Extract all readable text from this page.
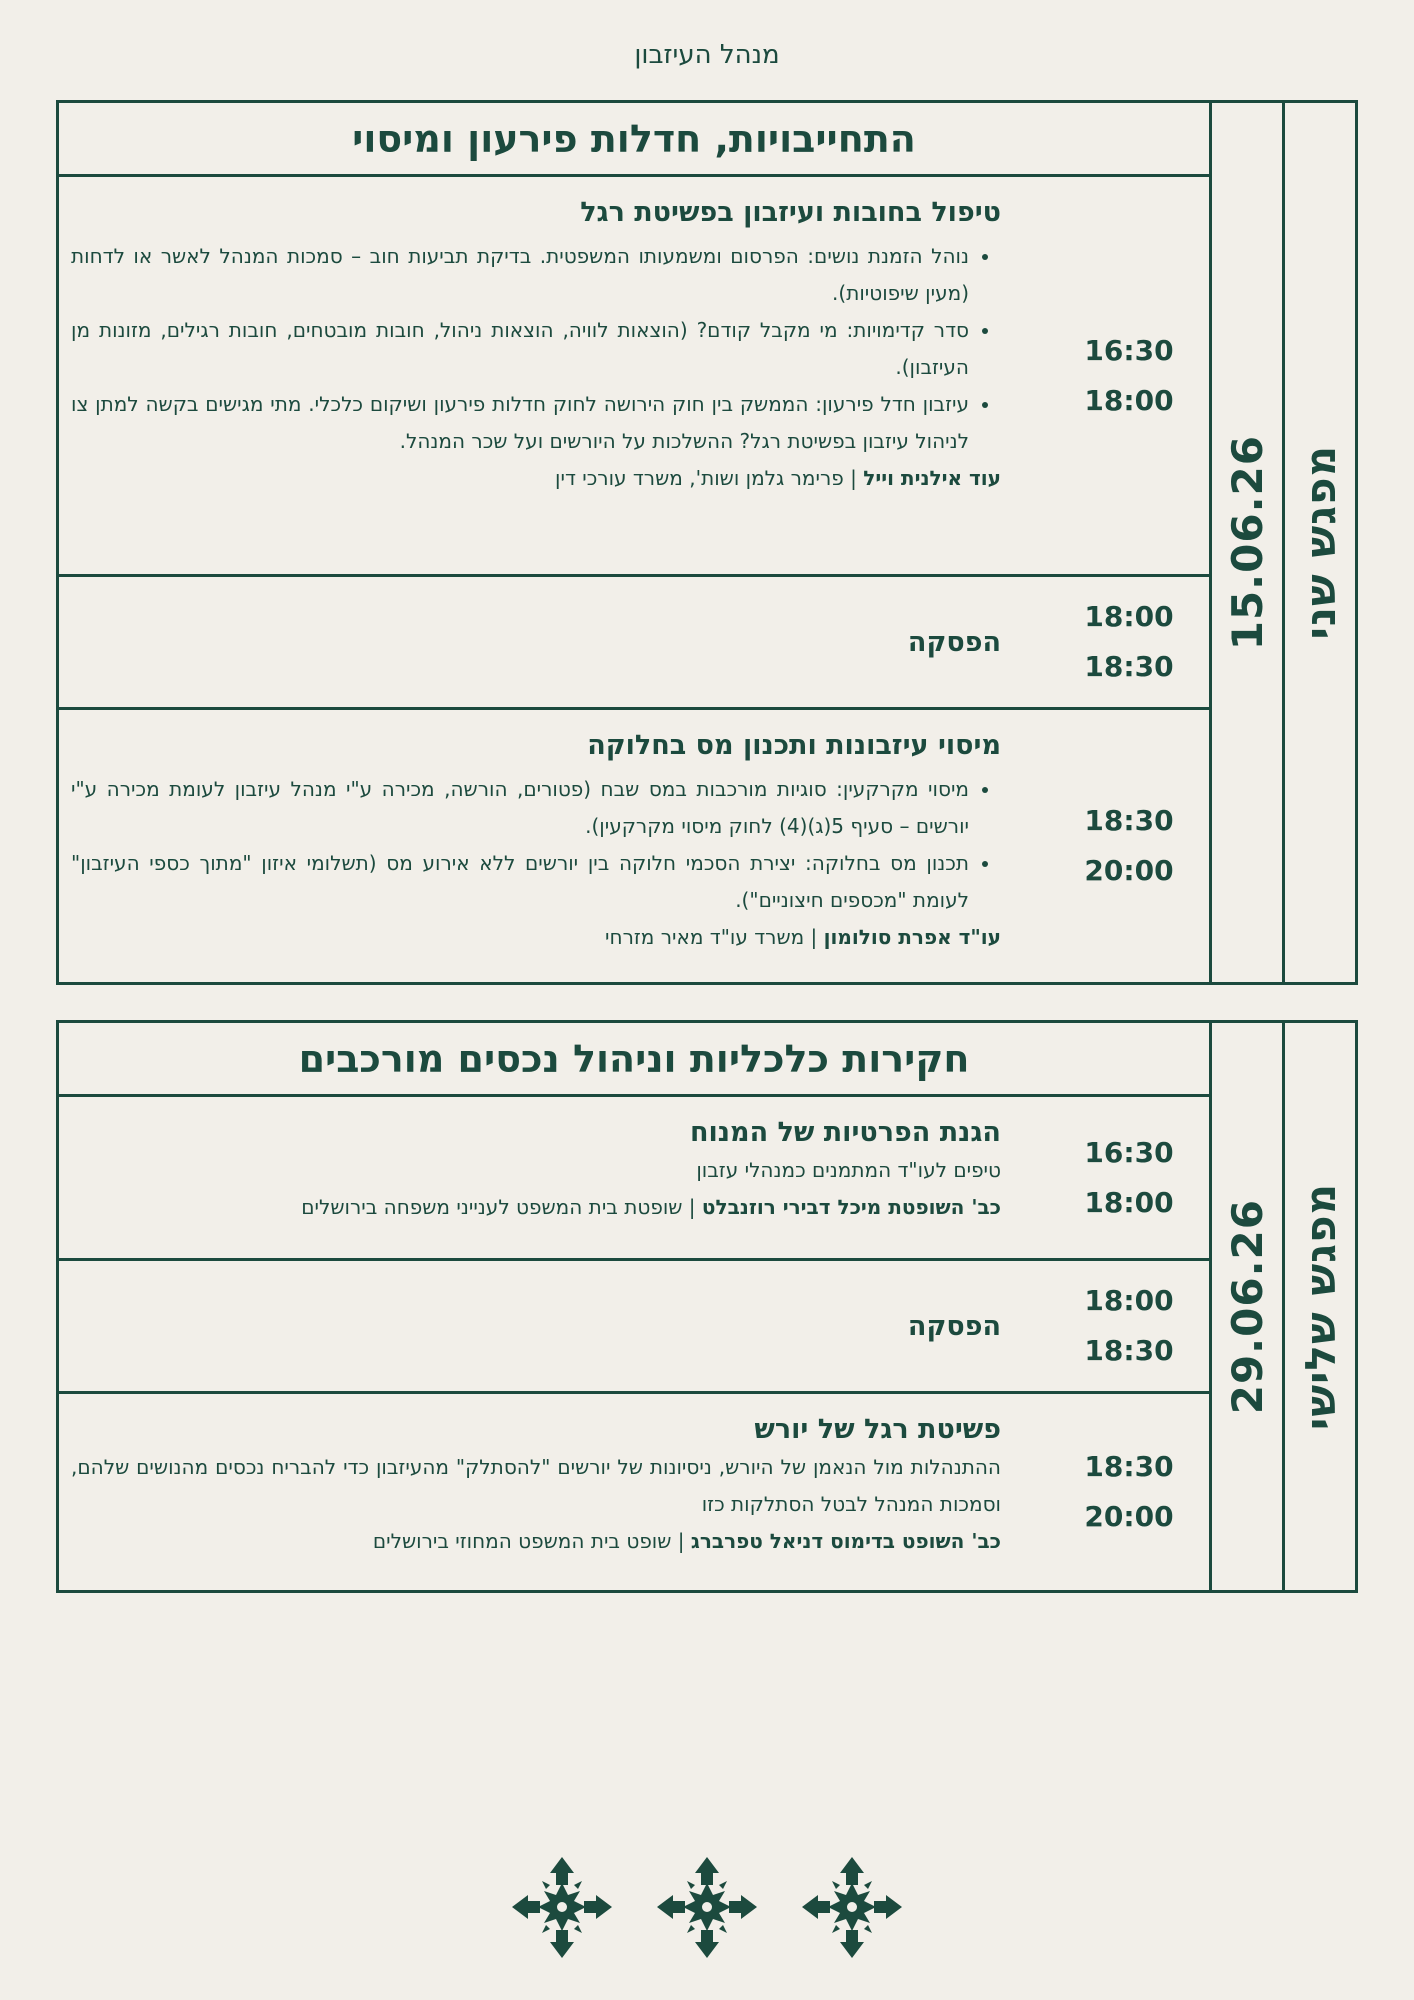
מנהל העיזבון
התחייבויות, חדלות פירעון ומיסוי
טיפול בחובות ועיזבון בפשיטת רגל
• נוהל הזמנת נושים: הפרסום ומשמעותו המשפטית. בדיקת תביעות חוב – סמכות המנהל לאשר או לדחות (מעין שיפוטיות).
• סדר קדימויות: מי מקבל קודם? (הוצאות לוויה, הוצאות ניהול, חובות מובטחים, חובות רגילים, מזונות מן העיזבון).
• עיזבון חדל פירעון: הממשק בין חוק הירושה לחוק חדלות פירעון ושיקום כלכלי. מתי מגישים בקשה למתן צו לניהול עיזבון בפשיטת רגל? ההשלכות על היורשים ועל שכר המנהל.
עוד אילנית וייל | פרימר גלמן ושות', משרד עורכי דין
16:30
18:00
הפסקה
18:00
18:30
מיסוי עיזבונות ותכנון מס בחלוקה
• מיסוי מקרקעין: סוגיות מורכבות במס שבח (פטורים, הורשה, מכירה ע"י מנהל עיזבון לעומת מכירה ע"י יורשים – סעיף 5(ג)(4) לחוק מיסוי מקרקעין).
• תכנון מס בחלוקה: יצירת הסכמי חלוקה בין יורשים ללא אירוע מס (תשלומי איזון "מתוך כספי העיזבון" לעומת "מכספים חיצוניים").
עו"ד אפרת סולומון | משרד עו"ד מאיר מזרחי
18:30
20:00
15.06.26 מפגש שני
חקירות כלכליות וניהול נכסים מורכבים
הגנת הפרטיות של המנוח
טיפים לעו"ד המתמנים כמנהלי עזבון
כב' השופטת מיכל דבירי רוזנבלט | שופטת בית המשפט לענייני משפחה בירושלים
16:30
18:00
הפסקה
18:00
18:30
פשיטת רגל של יורש
ההתנהלות מול הנאמן של היורש, ניסיונות של יורשים "להסתלק" מהעיזבון כדי להבריח נכסים מהנושים שלהם, וסמכות המנהל לבטל הסתלקות כזו
כב' השופט בדימוס דניאל טפרברג | שופט בית המשפט המחוזי בירושלים
18:30
20:00
29.06.26 מפגש שלישי
